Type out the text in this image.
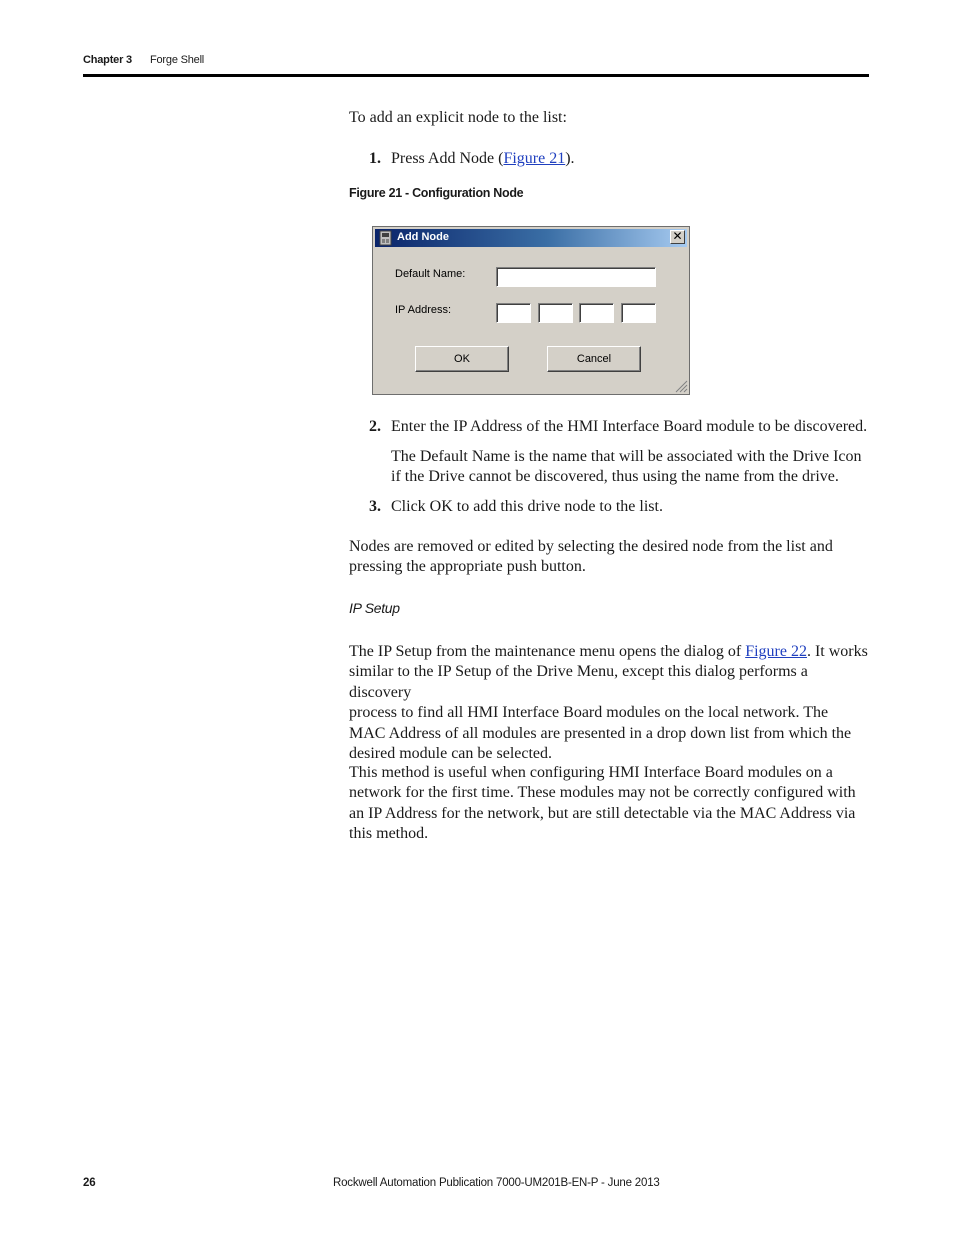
Chapter 3 Forge Shell
To add an explicit node to the list:
1. Press Add Node (Figure 21).
Figure 21 - Configuration Node
Add Node	✕
Default Name:
IP Address:
OK	Cancel
2. Enter the IP Address of the HMI Interface Board module to be discovered.
The Default Name is the name that will be associated with the Drive Icon
if the Drive cannot be discovered, thus using the name from the drive.
3. Click OK to add this drive node to the list.
Nodes are removed or edited by selecting the desired node from the list and
pressing the appropriate push button.
IP Setup
The IP Setup from the maintenance menu opens the dialog of Figure 22. It works
similar to the IP Setup of the Drive Menu, except this dialog performs a discovery
process to find all HMI Interface Board modules on the local network. The
MAC Address of all modules are presented in a drop down list from which the
desired module can be selected.
This method is useful when configuring HMI Interface Board modules on a
network for the first time. These modules may not be correctly configured with
an IP Address for the network, but are still detectable via the MAC Address via
this method.
26	Rockwell Automation Publication 7000-UM201B-EN-P - June 2013
